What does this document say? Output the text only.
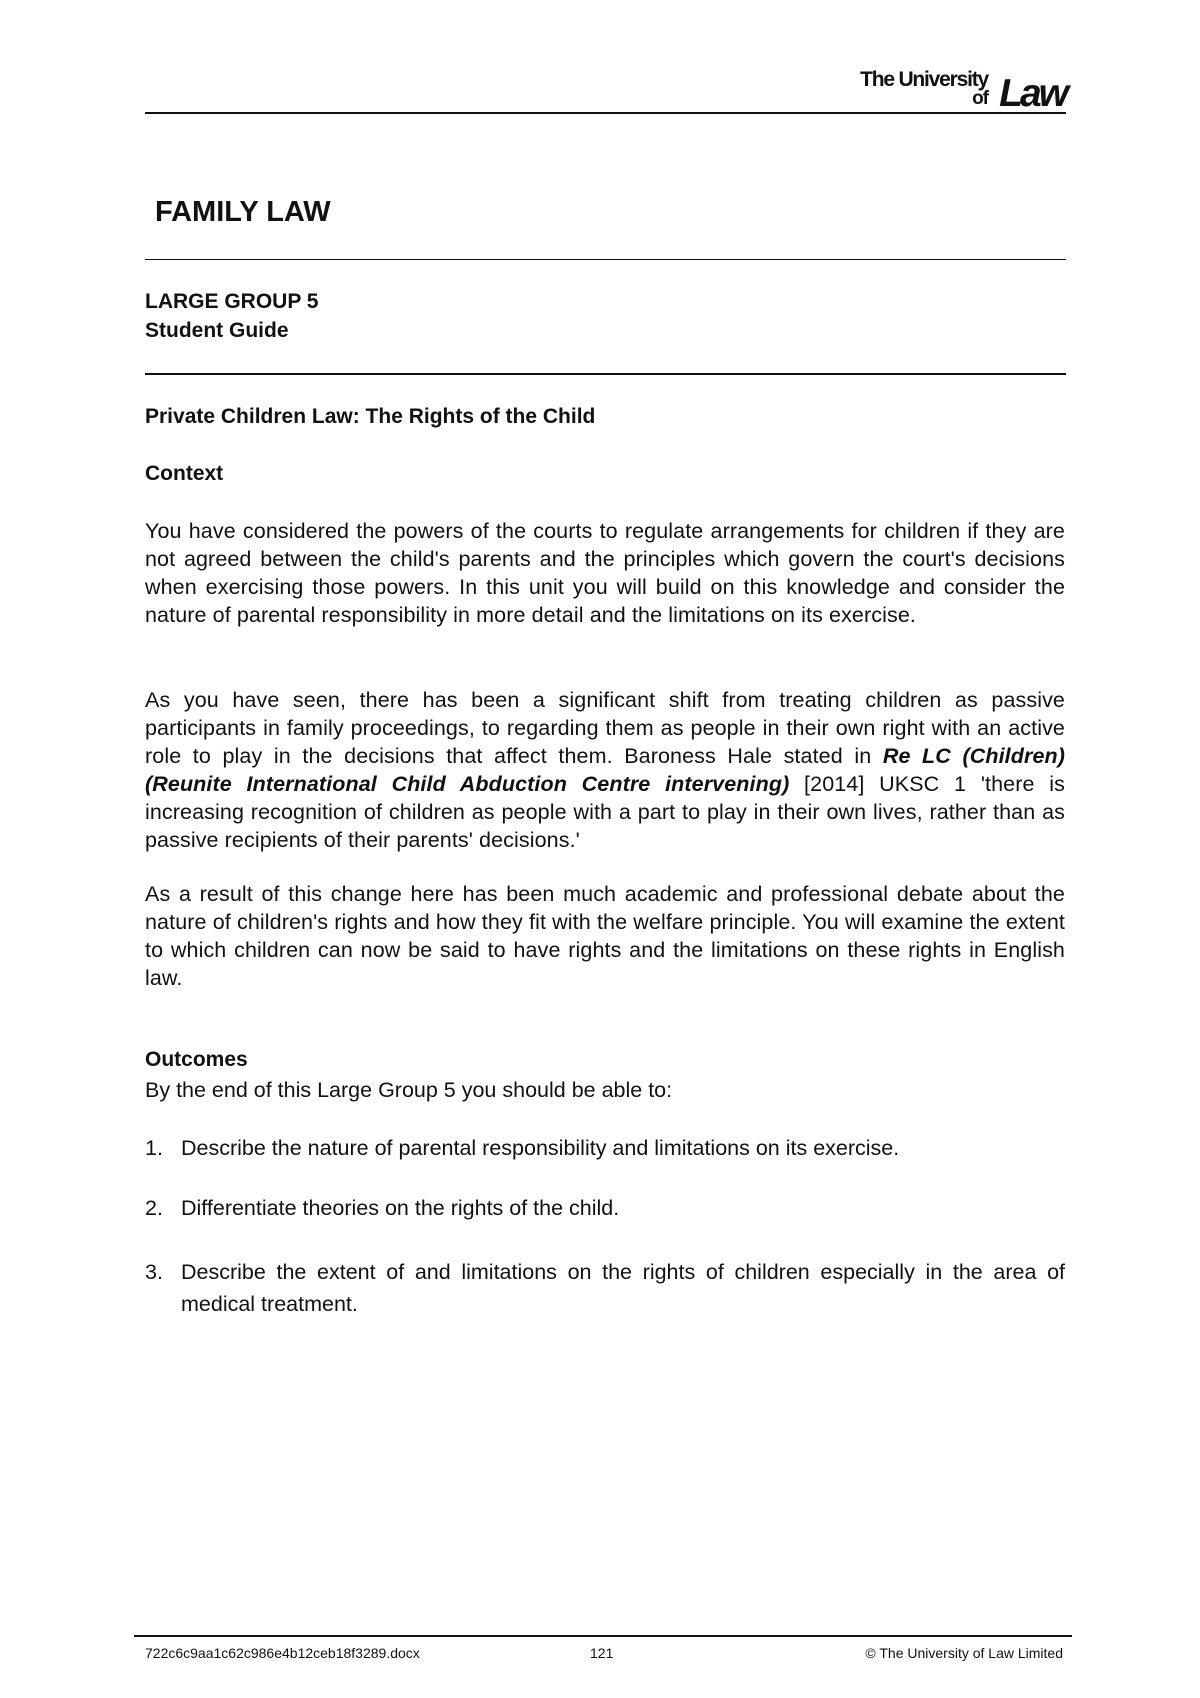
The University
of Law
FAMILY LAW

LARGE GROUP 5

Student Guide

Private Children Law: The Rights of the Child

Context

You have considered the powers of the courts to regulate arrangements for children if they are not agreed between the child's parents and the principles which govern the court's decisions when exercising those powers. In this unit you will build on this knowledge and consider the nature of parental responsibility in more detail and the limitations on its exercise.

As you have seen, there has been a significant shift from treating children as passive participants in family proceedings, to regarding them as people in their own right with an active role to play in the decisions that affect them. Baroness Hale stated in Re LC (Children) (Reunite International Child Abduction Centre intervening) [2014] UKSC 1 'there is increasing recognition of children as people with a part to play in their own lives, rather than as passive recipients of their parents' decisions.'

As a result of this change here has been much academic and professional debate about the nature of children's rights and how they fit with the welfare principle. You will examine the extent to which children can now be said to have rights and the limitations on these rights in English law.

Outcomes

By the end of this Large Group 5 you should be able to:

1. Describe the nature of parental responsibility and limitations on its exercise.

2. Differentiate theories on the rights of the child.

3. Describe the extent of and limitations on the rights of children especially in the area of medical treatment.

722c6c9aa1c62c986e4b12ceb18f3289.docx	121	© The University of Law Limited
